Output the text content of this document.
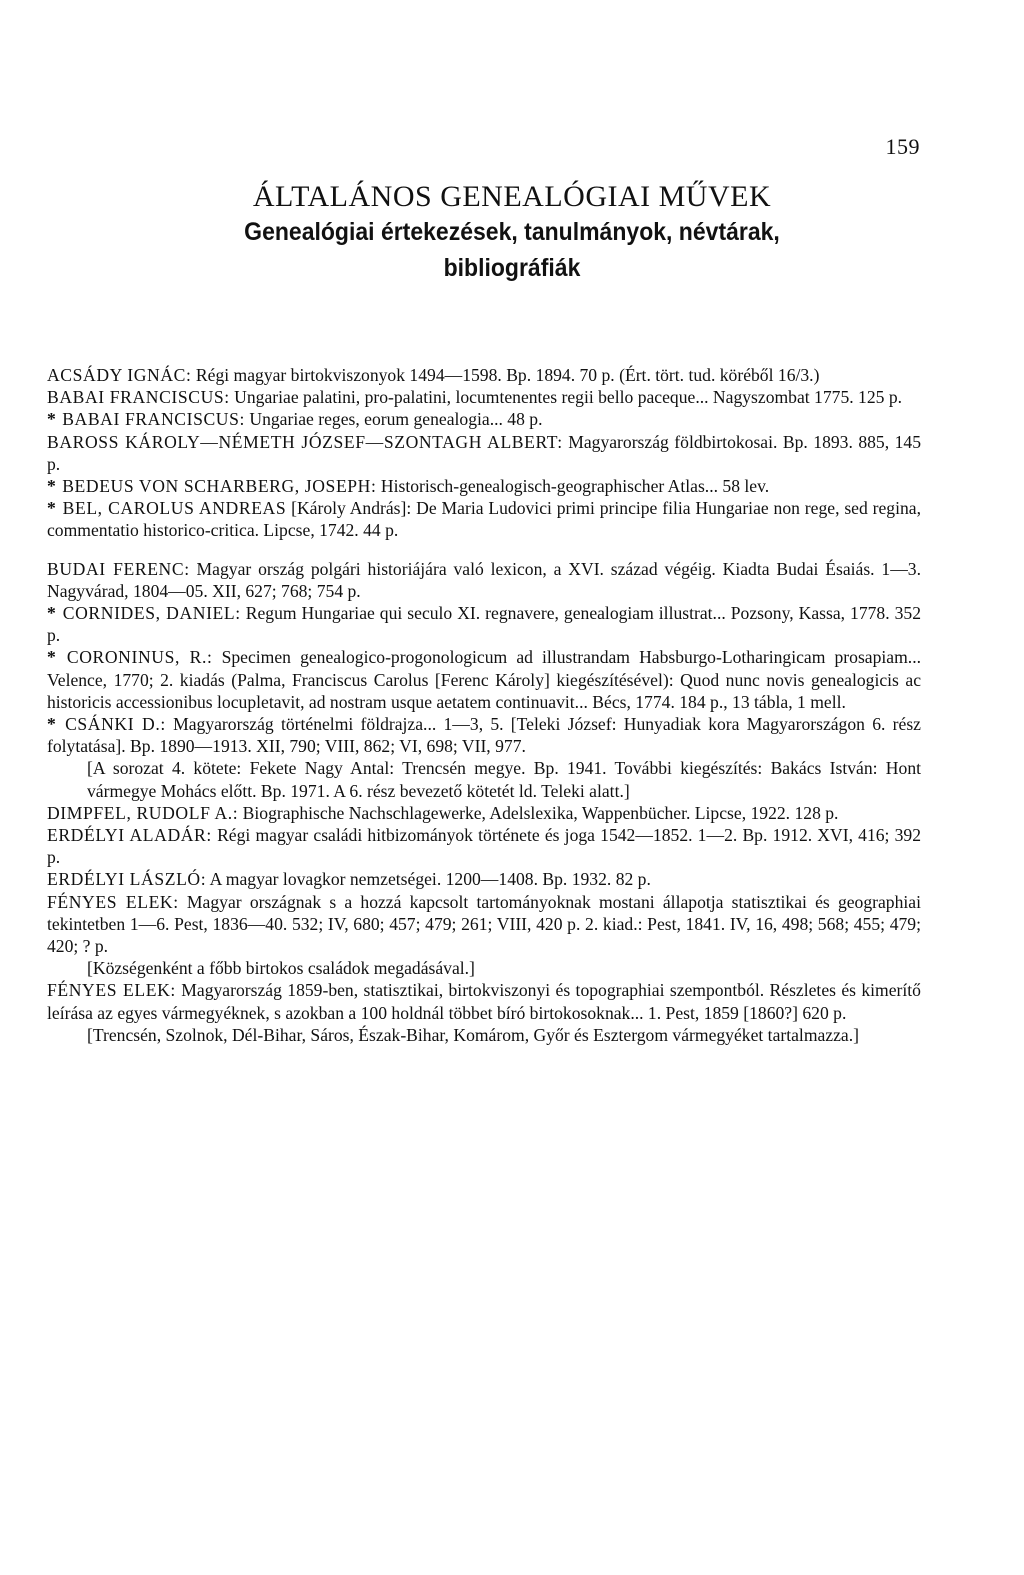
159

ÁLTALÁNOS GENEALÓGIAI MŰVEK

Genealógiai értekezések, tanulmányok, névtárak,

bibliográfiák

ACSÁDY IGNÁC: Régi magyar birtokviszonyok 1494—1598. Bp. 1894. 70 p. (Ért. tört. tud. köréből 16/3.)

BABAI FRANCISCUS: Ungariae palatini, pro-palatini, locumtenentes regii bello paceque... Nagyszombat 1775. 125 p.

* BABAI FRANCISCUS: Ungariae reges, eorum genealogia... 48 p.

BAROSS KÁROLY—NÉMETH JÓZSEF—SZONTAGH ALBERT: Magyarország földbirtokosai. Bp. 1893. 885, 145 p.

* BEDEUS VON SCHARBERG, JOSEPH: Historisch-genealogisch-geographischer Atlas... 58 lev.

* BEL, CAROLUS ANDREAS [Károly András]: De Maria Ludovici primi principe filia Hungariae non rege, sed regina, commentatio historico-critica. Lipcse, 1742. 44 p.

BUDAI FERENC: Magyar ország polgári historiájára való lexicon, a XVI. század végéig. Kiadta Budai Ésaiás. 1—3. Nagyvárad, 1804—05. XII, 627; 768; 754 p.

* CORNIDES, DANIEL: Regum Hungariae qui seculo XI. regnavere, genealogiam illustrat... Pozsony, Kassa, 1778. 352 p.

* CORONINUS, R.: Specimen genealogico-progonologicum ad illustrandam Habsburgo-Lotharingicam prosapiam... Velence, 1770; 2. kiadás (Palma, Franciscus Carolus [Ferenc Károly] kiegészítésével): Quod nunc novis genealogicis ac historicis accessionibus locupletavit, ad nostram usque aetatem continuavit... Bécs, 1774. 184 p., 13 tábla, 1 mell.

* CSÁNKI D.: Magyarország történelmi földrajza... 1—3, 5. [Teleki József: Hunyadiak kora Magyarországon 6. rész folytatása]. Bp. 1890—1913. XII, 790; VIII, 862; VI, 698; VII, 977.

[A sorozat 4. kötete: Fekete Nagy Antal: Trencsén megye. Bp. 1941. További kiegészítés: Bakács István: Hont vármegye Mohács előtt. Bp. 1971. A 6. rész bevezető kötetét ld. Teleki alatt.]

DIMPFEL, RUDOLF A.: Biographische Nachschlagewerke, Adelslexika, Wappenbücher. Lipcse, 1922. 128 p.

ERDÉLYI ALADÁR: Régi magyar családi hitbizományok története és joga 1542—1852. 1—2. Bp. 1912. XVI, 416; 392 p.

ERDÉLYI LÁSZLÓ: A magyar lovagkor nemzetségei. 1200—1408. Bp. 1932. 82 p.

FÉNYES ELEK: Magyar országnak s a hozzá kapcsolt tartományoknak mostani állapotja statisztikai és geographiai tekintetben 1—6. Pest, 1836—40. 532; IV, 680; 457; 479; 261; VIII, 420 p. 2. kiad.: Pest, 1841. IV, 16, 498; 568; 455; 479; 420; ? p.

[Községenként a főbb birtokos családok megadásával.]

FÉNYES ELEK: Magyarország 1859-ben, statisztikai, birtokviszonyi és topographiai szempontból. Részletes és kimerítő leírása az egyes vármegyéknek, s azokban a 100 holdnál többet bíró birtokosoknak... 1. Pest, 1859 [1860?] 620 p.

[Trencsén, Szolnok, Dél-Bihar, Sáros, Észak-Bihar, Komárom, Győr és Esztergom vármegyéket tartalmazza.]
